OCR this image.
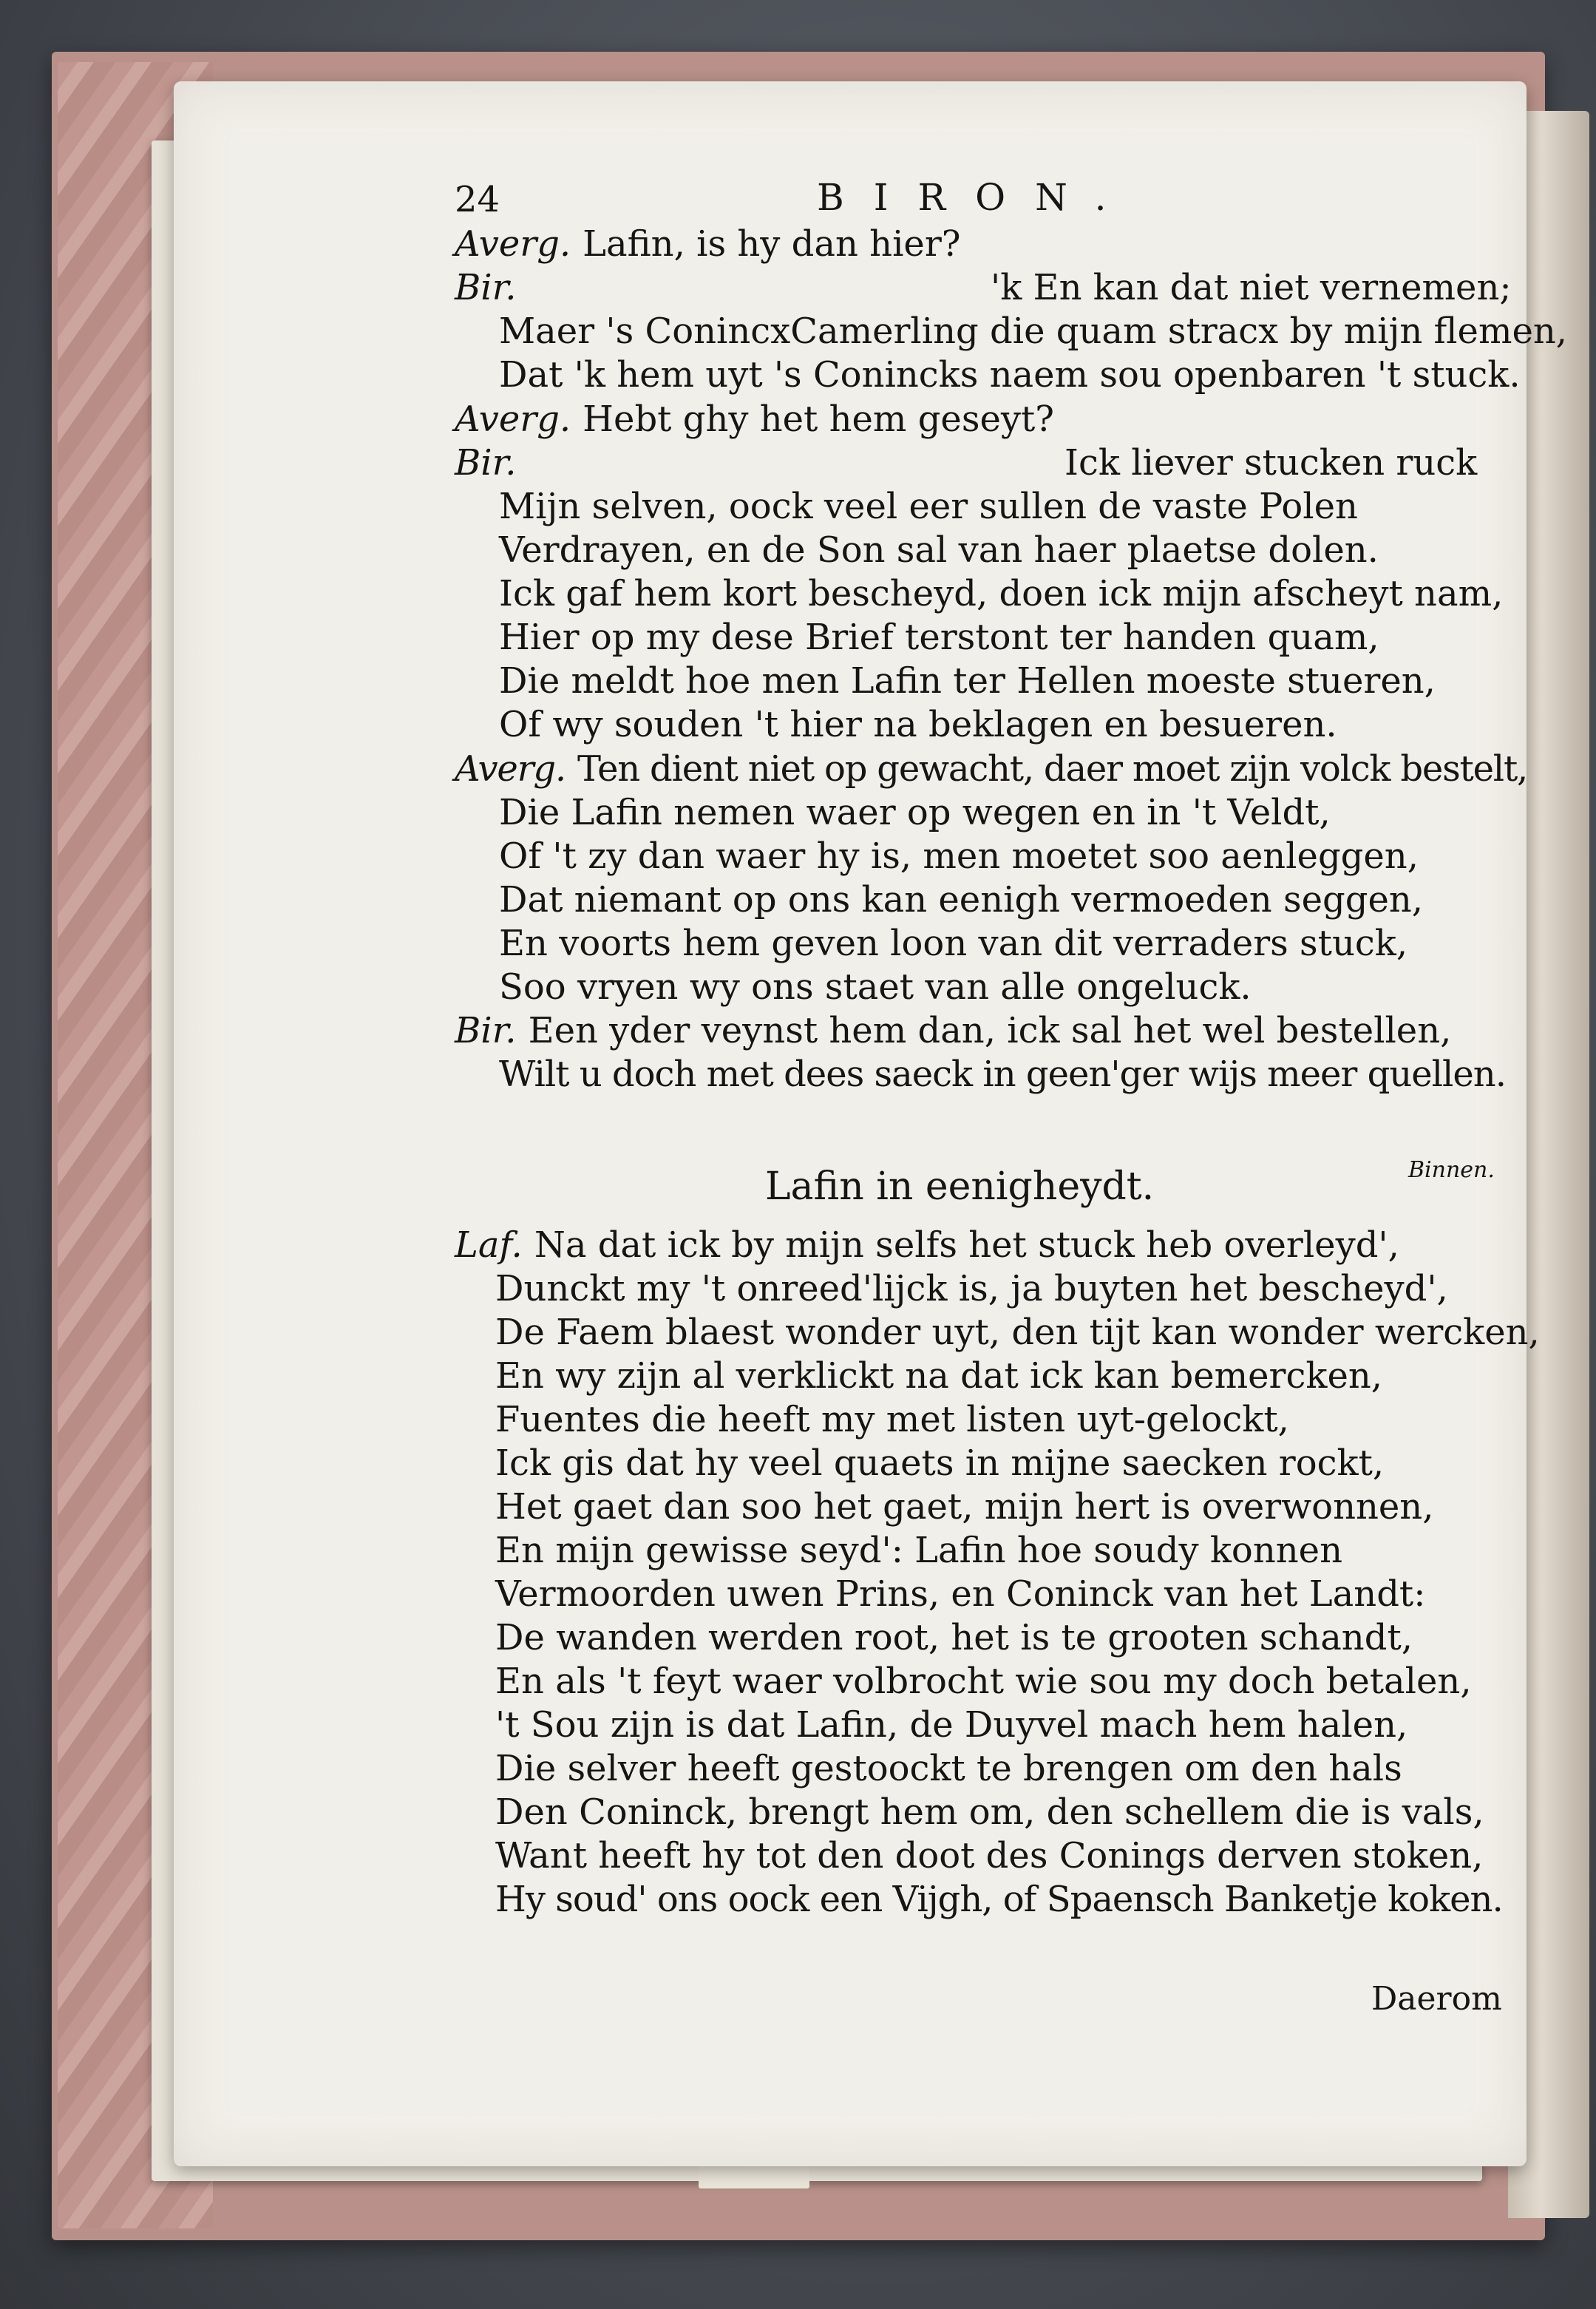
24	BIRON.
Averg. Lafin, is hy dan hier?
Bir.	'k En kan dat niet vernemen;
Maer 's ConincxCamerling die quam stracx by mijn flemen,
Dat 'k hem uyt 's Conincks naem sou openbaren 't stuck.
Averg. Hebt ghy het hem geseyt?
Bir.	Ick liever stucken ruck
Mijn selven, oock veel eer sullen de vaste Polen
Verdrayen, en de Son sal van haer plaetse dolen.
Ick gaf hem kort bescheyd, doen ick mijn afscheyt nam,
Hier op my dese Brief terstont ter handen quam,
Die meldt hoe men Lafin ter Hellen moeste stueren,
Of wy souden 't hier na beklagen en besueren.
Averg. Ten dient niet op gewacht, daer moet zijn volck bestelt,
Die Lafin nemen waer op wegen en in 't Veldt,
Of 't zy dan waer hy is, men moetet soo aenleggen,
Dat niemant op ons kan eenigh vermoeden seggen,
En voorts hem geven loon van dit verraders stuck,
Soo vryen wy ons staet van alle ongeluck.
Bir. Een yder veynst hem dan, ick sal het wel bestellen,
Wilt u doch met dees saeck in geen'ger wijs meer quellen.
Binnen.
Lafin in eenigheydt.
Laf. Na dat ick by mijn selfs het stuck heb overleyd',
Dunckt my 't onreed'lijck is, ja buyten het bescheyd',
De Faem blaest wonder uyt, den tijt kan wonder wercken,
En wy zijn al verklickt na dat ick kan bemercken,
Fuentes die heeft my met listen uyt-gelockt,
Ick gis dat hy veel quaets in mijne saecken rockt,
Het gaet dan soo het gaet, mijn hert is overwonnen,
En mijn gewisse seyd': Lafin hoe soudy konnen
Vermoorden uwen Prins, en Coninck van het Landt:
De wanden werden root, het is te grooten schandt,
En als 't feyt waer volbrocht wie sou my doch betalen,
't Sou zijn is dat Lafin, de Duyvel mach hem halen,
Die selver heeft gestoockt te brengen om den hals
Den Coninck, brengt hem om, den schellem die is vals,
Want heeft hy tot den doot des Conings derven stoken,
Hy soud' ons oock een Vijgh, of Spaensch Banketje koken.
Daerom
